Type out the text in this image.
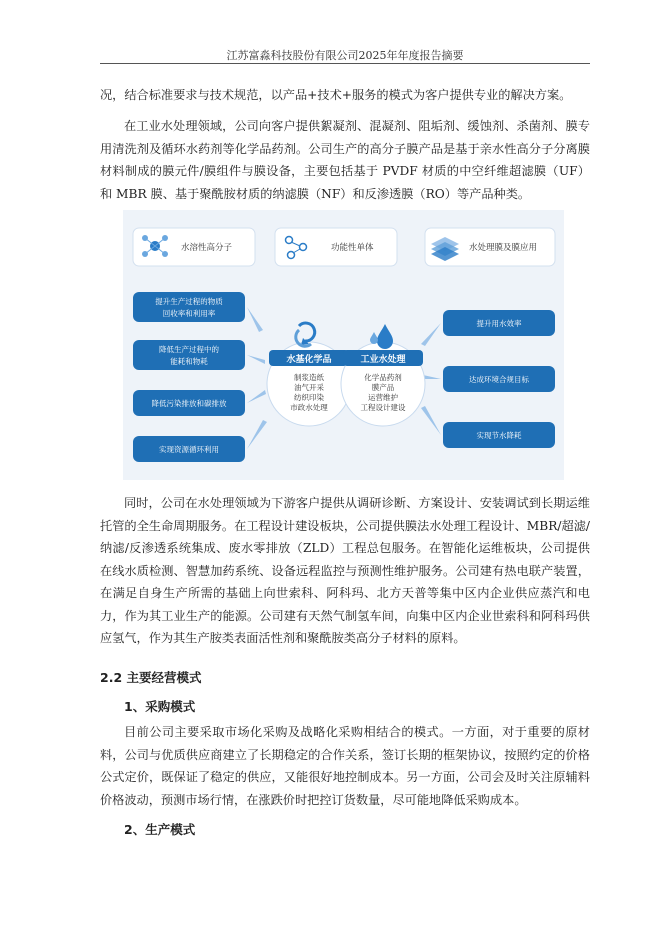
江苏富淼科技股份有限公司2025年年度报告摘要

况，结合标准要求与技术规范，以产品+技术+服务的模式为客户提供专业的解决方案。

在工业水处理领域，公司向客户提供絮凝剂、混凝剂、阻垢剂、缓蚀剂、杀菌剂、膜专用清洗剂及循环水药剂等化学品药剂。公司生产的高分子膜产品是基于亲水性高分子分离膜材料制成的膜元件/膜组件与膜设备，主要包括基于 PVDF 材质的中空纤维超滤膜（UF）和 MBR 膜、基于聚酰胺材质的纳滤膜（NF）和反渗透膜（RO）等产品种类。

水溶性高分子	功能性单体	水处理膜及膜应用
提升生产过程的物质
回收率和利用率
降低生产过程中的
能耗和物耗
降低污染排放和碳排放
实现资源循环利用
提升用水效率
达成环境合规目标
实现节水降耗
水基化学品
制浆造纸
油气开采
纺织印染
市政水处理
工业水处理
化学品药剂
膜产品
运营维护
工程设计建设

同时，公司在水处理领域为下游客户提供从调研诊断、方案设计、安装调试到长期运维托管的全生命周期服务。在工程设计建设板块，公司提供膜法水处理工程设计、MBR/超滤/纳滤/反渗透系统集成、废水零排放（ZLD）工程总包服务。在智能化运维板块，公司提供在线水质检测、智慧加药系统、设备远程监控与预测性维护服务。公司建有热电联产装置，在满足自身生产所需的基础上向世索科、阿科玛、北方天普等集中区内企业供应蒸汽和电力，作为其工业生产的能源。公司建有天然气制氢车间，向集中区内企业世索科和阿科玛供应氢气，作为其生产胺类表面活性剂和聚酰胺类高分子材料的原料。

2.2 主要经营模式
1、采购模式

目前公司主要采取市场化采购及战略化采购相结合的模式。一方面，对于重要的原材料，公司与优质供应商建立了长期稳定的合作关系，签订长期的框架协议，按照约定的价格公式定价，既保证了稳定的供应，又能很好地控制成本。另一方面，公司会及时关注原辅料价格波动，预测市场行情，在涨跌价时把控订货数量，尽可能地降低采购成本。

2、生产模式
